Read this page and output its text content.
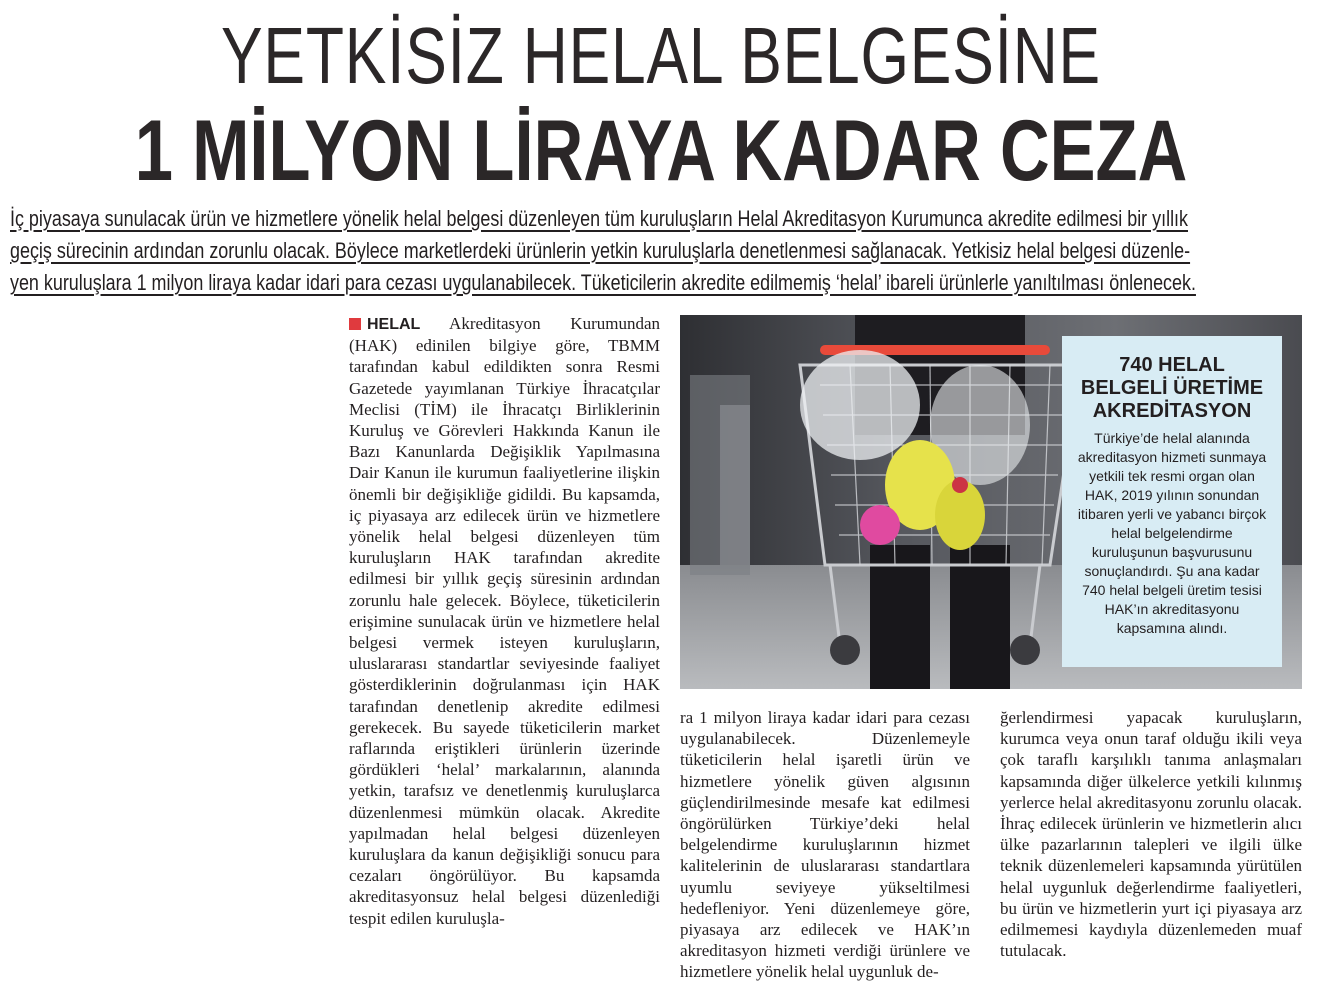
YETKİSİZ HELAL BELGESİNE
1 MİLYON LİRAYA KADAR CEZA
İç piyasaya sunulacak ürün ve hizmetlere yönelik helal belgesi düzenleyen tüm kuruluşların Helal Akreditasyon Kurumunca akredite edilmesi bir yıllık
geçiş sürecinin ardından zorunlu olacak. Böylece marketlerdeki ürünlerin yetkin kuruluşlarla denetlenmesi sağlanacak. Yetkisiz helal belgesi düzenle-
yen kuruluşlara 1 milyon liraya kadar idari para cezası uygulanabilecek. Tüketicilerin akredite edilmemiş ‘helal’ ibareli ürünlerle yanıltılması önlenecek.
HELAL Akreditasyon Kurumundan (HAK) edinilen bilgiye göre, TBMM tarafından kabul edildikten sonra Resmi Gazetede yayımlanan Türkiye İhracatçılar Meclisi (TİM) ile İhracatçı Birliklerinin Kuruluş ve Görevleri Hakkında Kanun ile Bazı Kanunlarda Değişiklik Yapılmasına Dair Kanun ile kurumun faaliyetlerine ilişkin önemli bir değişikliğe gidildi. Bu kapsamda, iç piyasaya arz edilecek ürün ve hizmetlere yönelik helal belgesi düzenleyen tüm kuruluşların HAK tarafından akredite edilmesi bir yıllık geçiş süresinin ardından zorunlu hale gelecek. Böylece, tüketicilerin erişimine sunulacak ürün ve hizmetlere helal belgesi vermek isteyen kuruluşların, uluslararası standartlar seviyesinde faaliyet gösterdiklerinin doğrulanması için HAK tarafından denetlenip akredite edilmesi gerekecek. Bu sayede tüketicilerin market raflarında eriştikleri ürünlerin üzerinde gördükleri ‘helal’ markalarının, alanında yetkin, tarafsız ve denetlenmiş kuruluşlarca düzenlenmesi mümkün olacak. Akredite yapılmadan helal belgesi düzenleyen kuruluşlara da kanun değişikliği sonucu para cezaları öngörülüyor. Bu kapsamda akreditasyonsuz helal belgesi düzenlediği tespit edilen kuruluşla-
740 HELAL BELGELİ ÜRETİME AKREDİTASYON
Türkiye’de helal alanında akreditasyon hizmeti sunmaya yetkili tek resmi organ olan HAK, 2019 yılının sonundan itibaren yerli ve yabancı birçok helal belgelendirme kuruluşunun başvurusunu sonuçlandırdı. Şu ana kadar 740 helal belgeli üretim tesisi HAK’ın akreditasyonu kapsamına alındı.
ra 1 milyon liraya kadar idari para cezası uygulanabilecek. Düzenlemeyle tüketicilerin helal işaretli ürün ve hizmetlere yönelik güven algısının güçlendirilmesinde mesafe kat edilmesi öngörülürken Türkiye’deki helal belgelendirme kuruluşlarının hizmet kalitelerinin de uluslararası standartlara uyumlu seviyeye yükseltilmesi hedefleniyor. Yeni düzenlemeye göre, piyasaya arz edilecek ve HAK’ın akreditasyon hizmeti verdiği ürünlere ve hizmetlere yönelik helal uygunluk de-
ğerlendirmesi yapacak kuruluşların, kurumca veya onun taraf olduğu ikili veya çok taraflı karşılıklı tanıma anlaşmaları kapsamında diğer ülkelerce yetkili kılınmış yerlerce helal akreditasyonu zorunlu olacak. İhraç edilecek ürünlerin ve hizmetlerin alıcı ülke pazarlarının talepleri ve ilgili ülke teknik düzenlemeleri kapsamında yürütülen helal uygunluk değerlendirme faaliyetleri, bu ürün ve hizmetlerin yurt içi piyasaya arz edilmemesi kaydıyla düzenlemeden muaf tutulacak.
